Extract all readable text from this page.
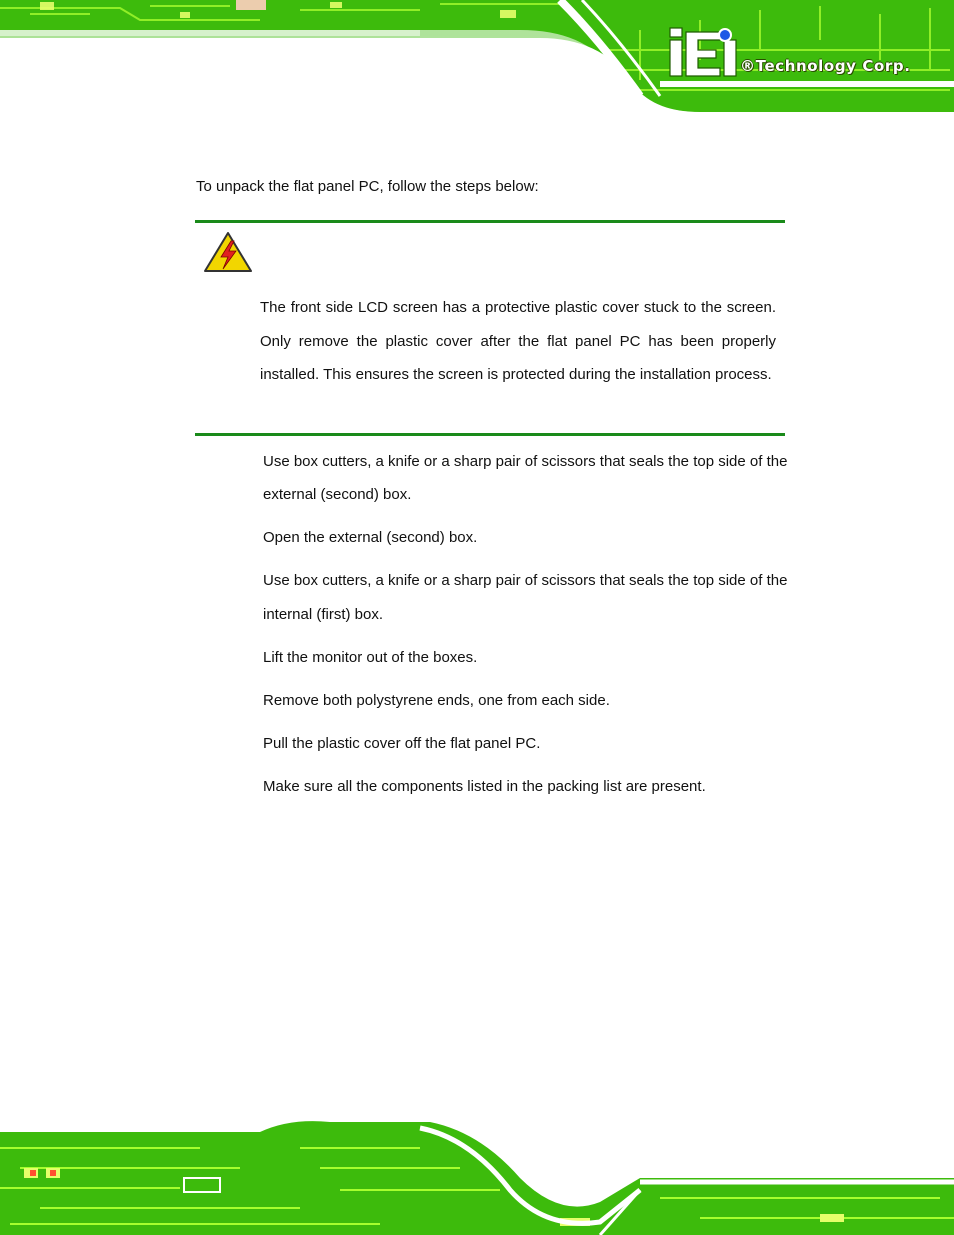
®Technology Corp.

To unpack the flat panel PC, follow the steps below:

The front side LCD screen has a protective plastic cover stuck to the screen. Only remove the plastic cover after the flat panel PC has been properly installed. This ensures the screen is protected during the installation process.

Use box cutters, a knife or a sharp pair of scissors that seals the top side of the
external (second) box.
Open the external (second) box.
Use box cutters, a knife or a sharp pair of scissors that seals the top side of the
internal (first) box.
Lift the monitor out of the boxes.
Remove both polystyrene ends, one from each side.
Pull the plastic cover off the flat panel PC.
Make sure all the components listed in the packing list are present.
